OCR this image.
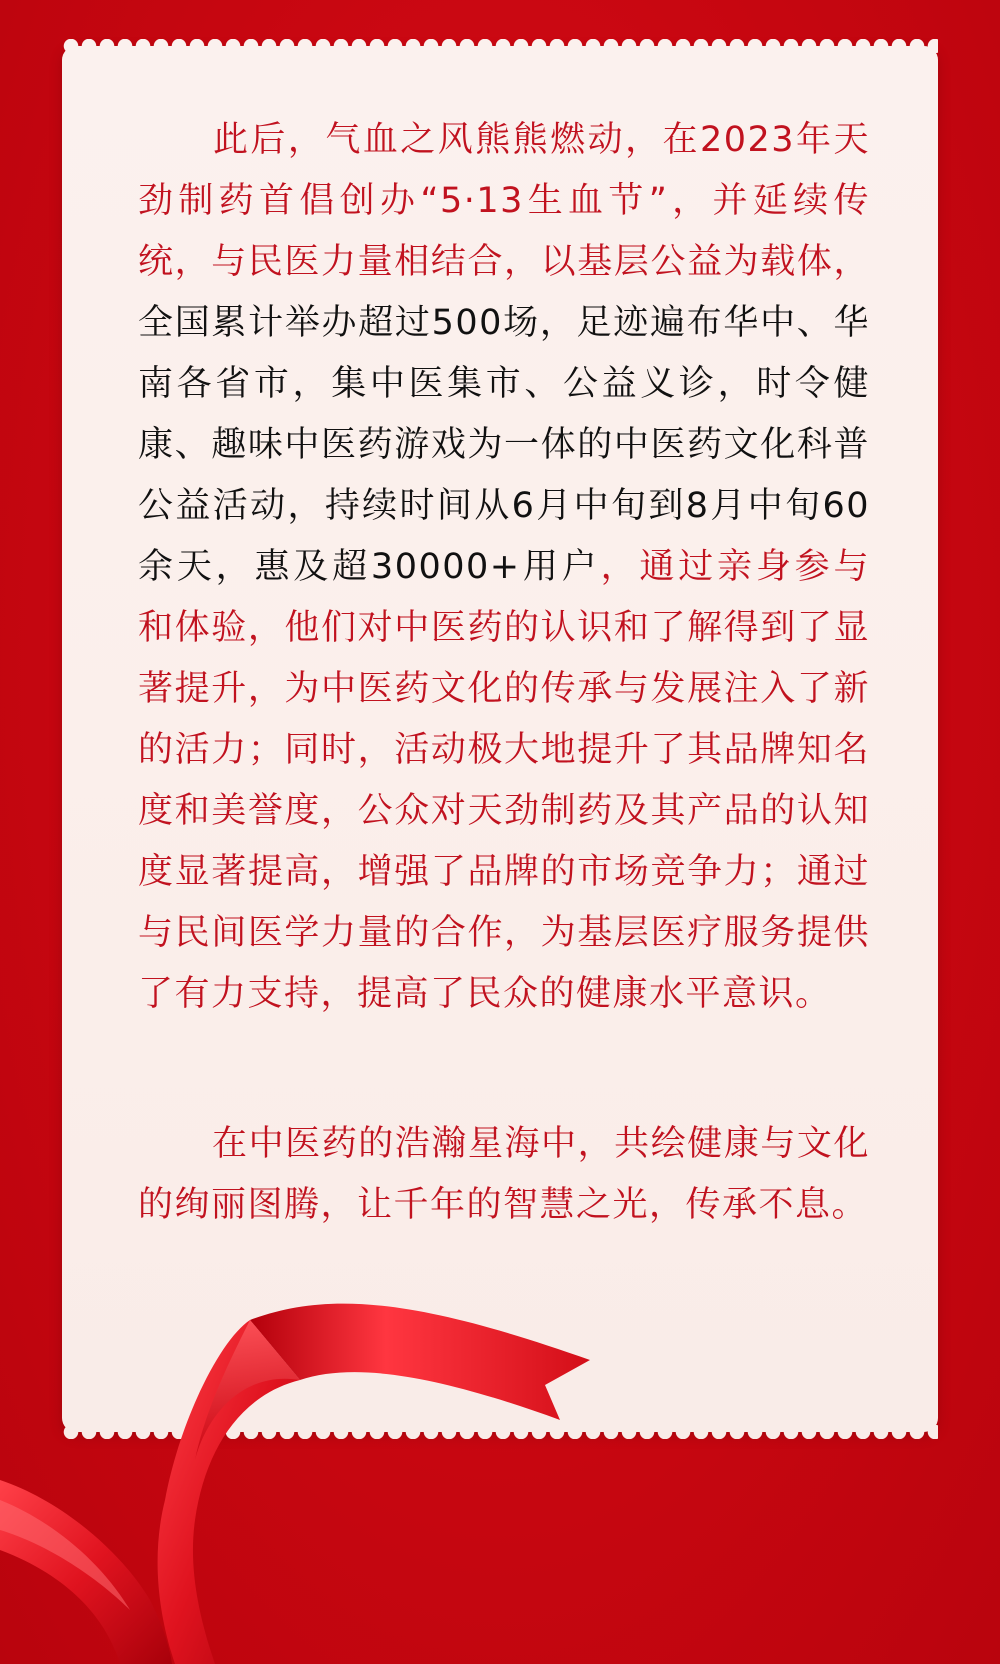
此后，气血之风熊熊燃动，在2023年天劲制药首倡创办“5·13生血节”，并延续传统，与民医力量相结合，以基层公益为载体，全国累计举办超过500场，足迹遍布华中、华南各省市，集中医集市、公益义诊，时令健康、趣味中医药游戏为一体的中医药文化科普公益活动，持续时间从6月中旬到8月中旬60余天，惠及超30000+用户，通过亲身参与和体验，他们对中医药的认识和了解得到了显著提升，为中医药文化的传承与发展注入了新的活力；同时，活动极大地提升了其品牌知名度和美誉度，公众对天劲制药及其产品的认知度显著提高，增强了品牌的市场竞争力；通过与民间医学力量的合作，为基层医疗服务提供了有力支持，提高了民众的健康水平意识。
在中医药的浩瀚星海中，共绘健康与文化的绚丽图腾，让千年的智慧之光，传承不息。
